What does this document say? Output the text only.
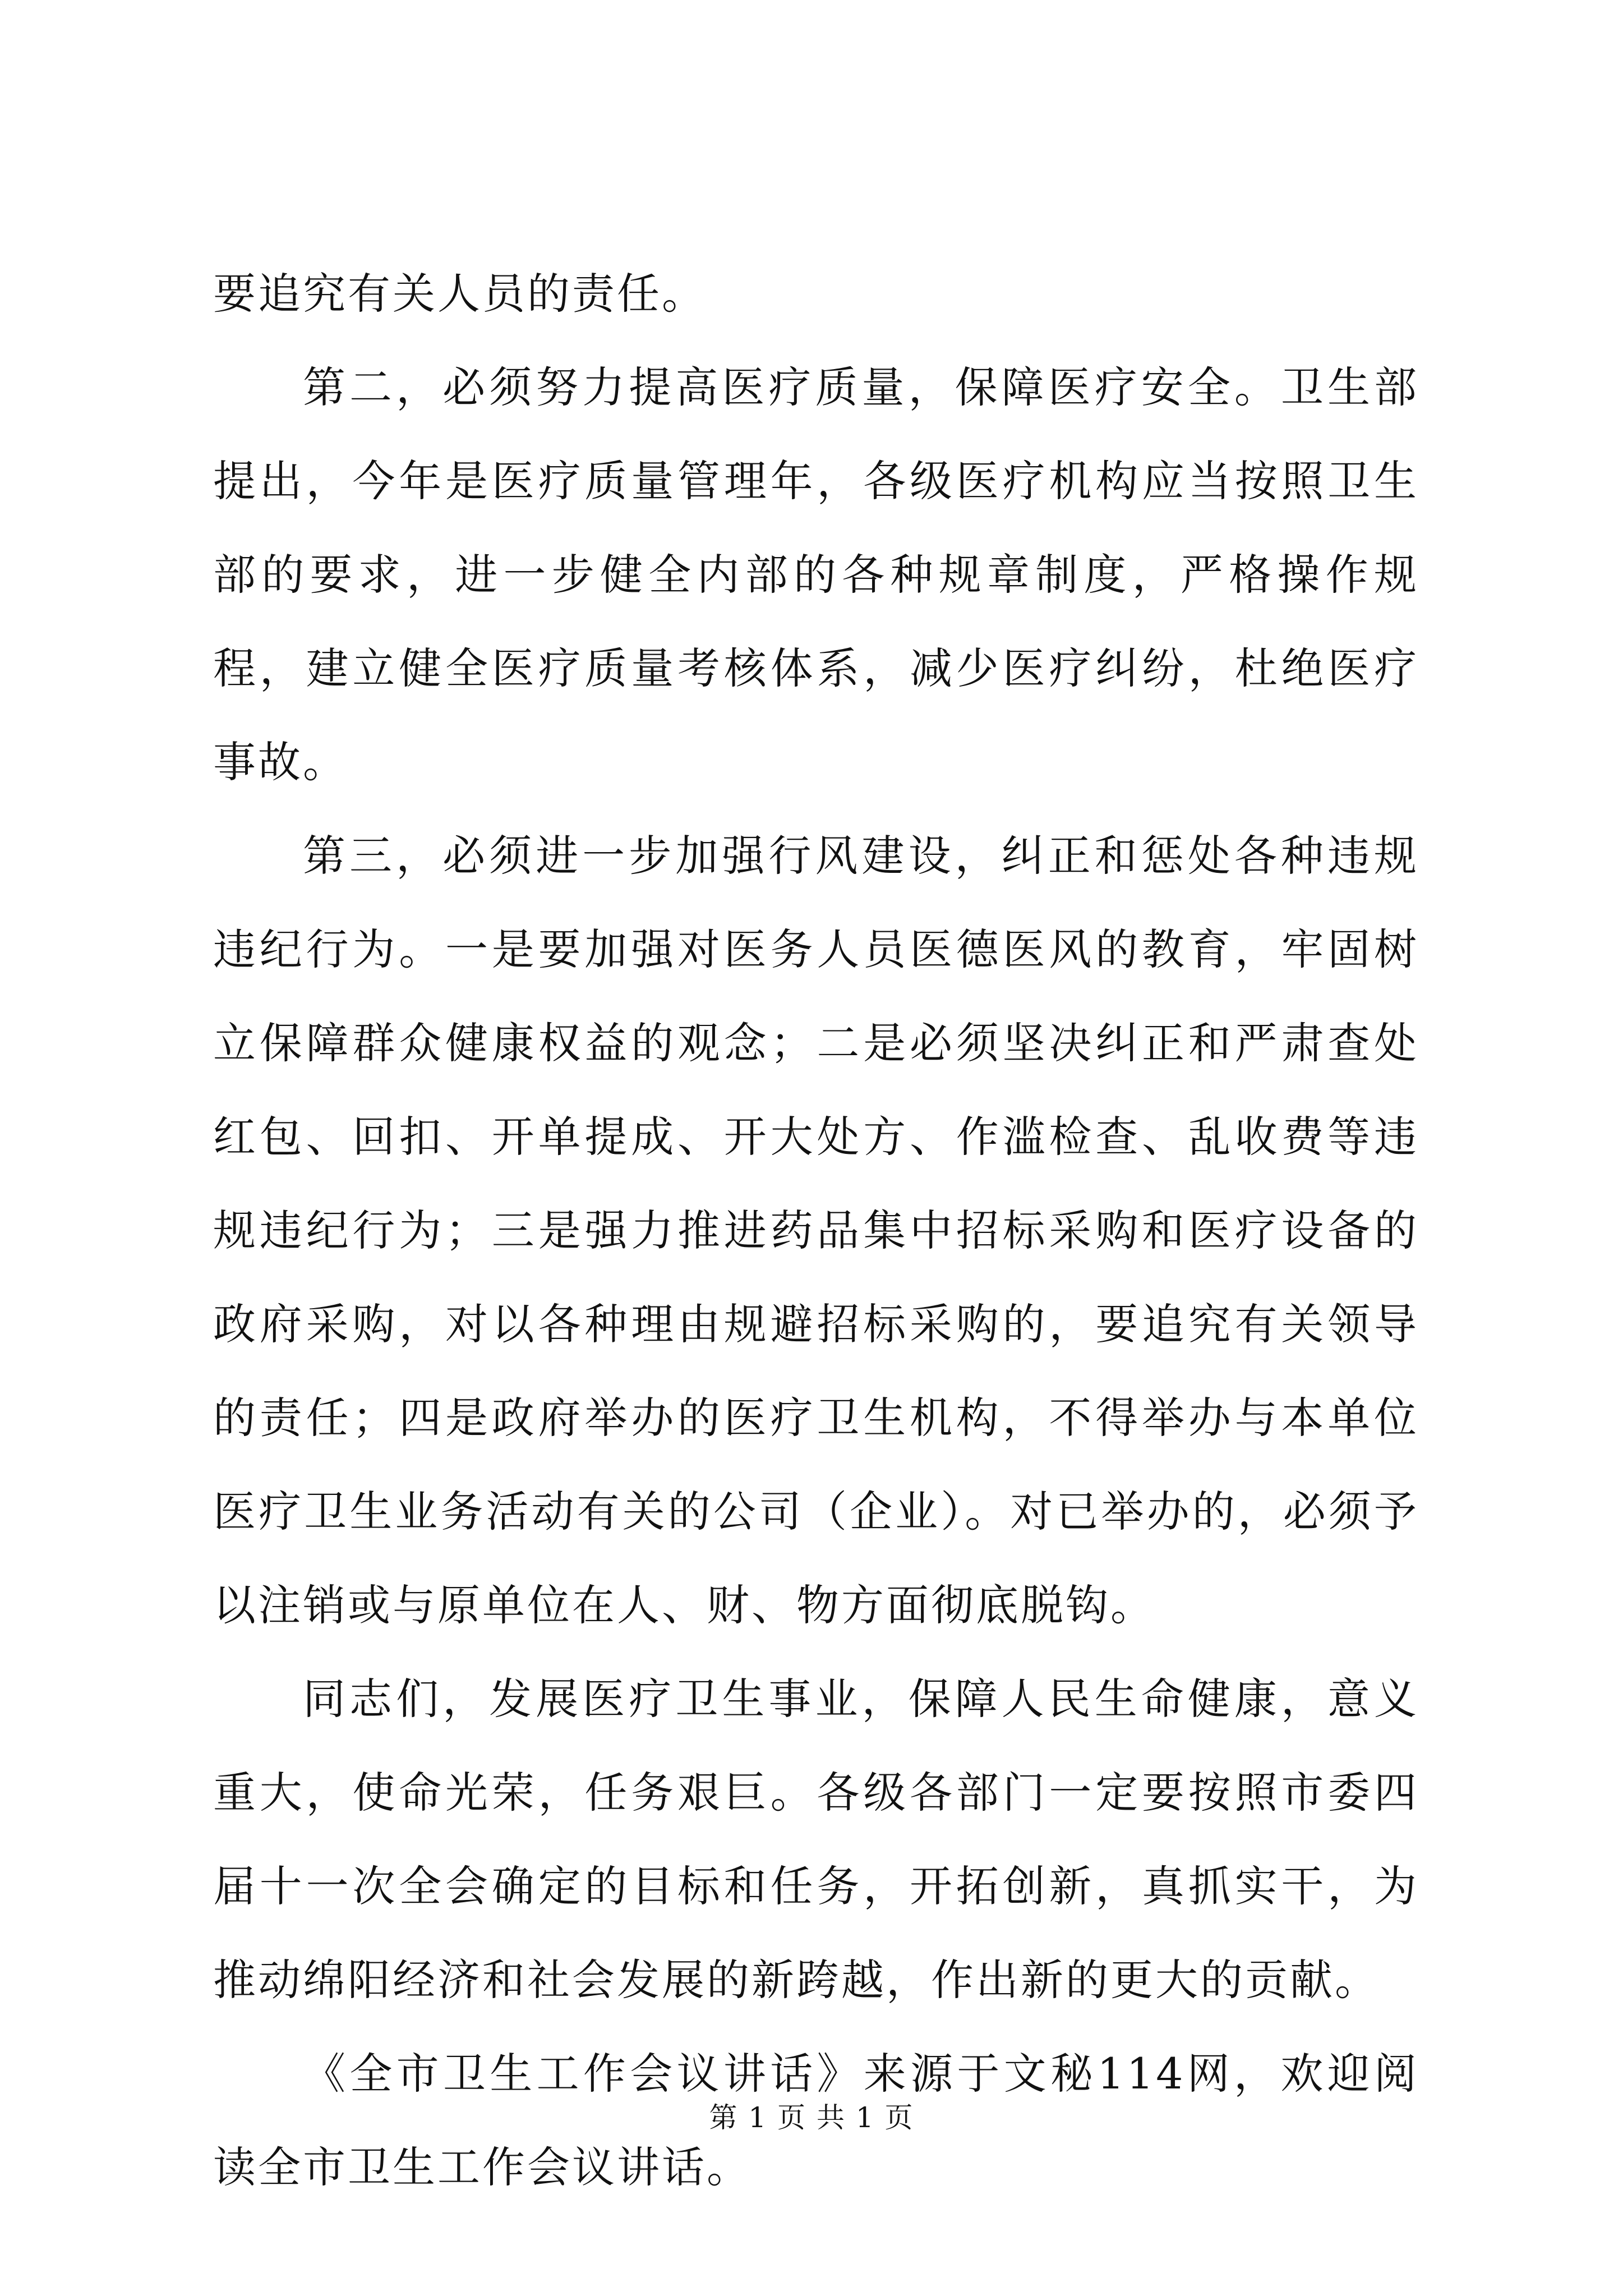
要追究有关人员的责任。

第二，必须努力提高医疗质量，保障医疗安全。卫生部提出，今年是医疗质量管理年，各级医疗机构应当按照卫生部的要求，进一步健全内部的各种规章制度，严格操作规程，建立健全医疗质量考核体系，减少医疗纠纷，杜绝医疗事故。

第三，必须进一步加强行风建设，纠正和惩处各种违规违纪行为。一是要加强对医务人员医德医风的教育，牢固树立保障群众健康权益的观念；二是必须坚决纠正和严肃查处红包、回扣、开单提成、开大处方、作滥检查、乱收费等违规违纪行为；三是强力推进药品集中招标采购和医疗设备的政府采购，对以各种理由规避招标采购的，要追究有关领导的责任；四是政府举办的医疗卫生机构，不得举办与本单位医疗卫生业务活动有关的公司（企业）。对已举办的，必须予以注销或与原单位在人、财、物方面彻底脱钩。

同志们，发展医疗卫生事业，保障人民生命健康，意义重大，使命光荣，任务艰巨。各级各部门一定要按照市委四届十一次全会确定的目标和任务，开拓创新，真抓实干，为推动绵阳经济和社会发展的新跨越，作出新的更大的贡献。

《全市卫生工作会议讲话》来源于文秘114网，欢迎阅读全市卫生工作会议讲话。

第 1 页 共 1 页
